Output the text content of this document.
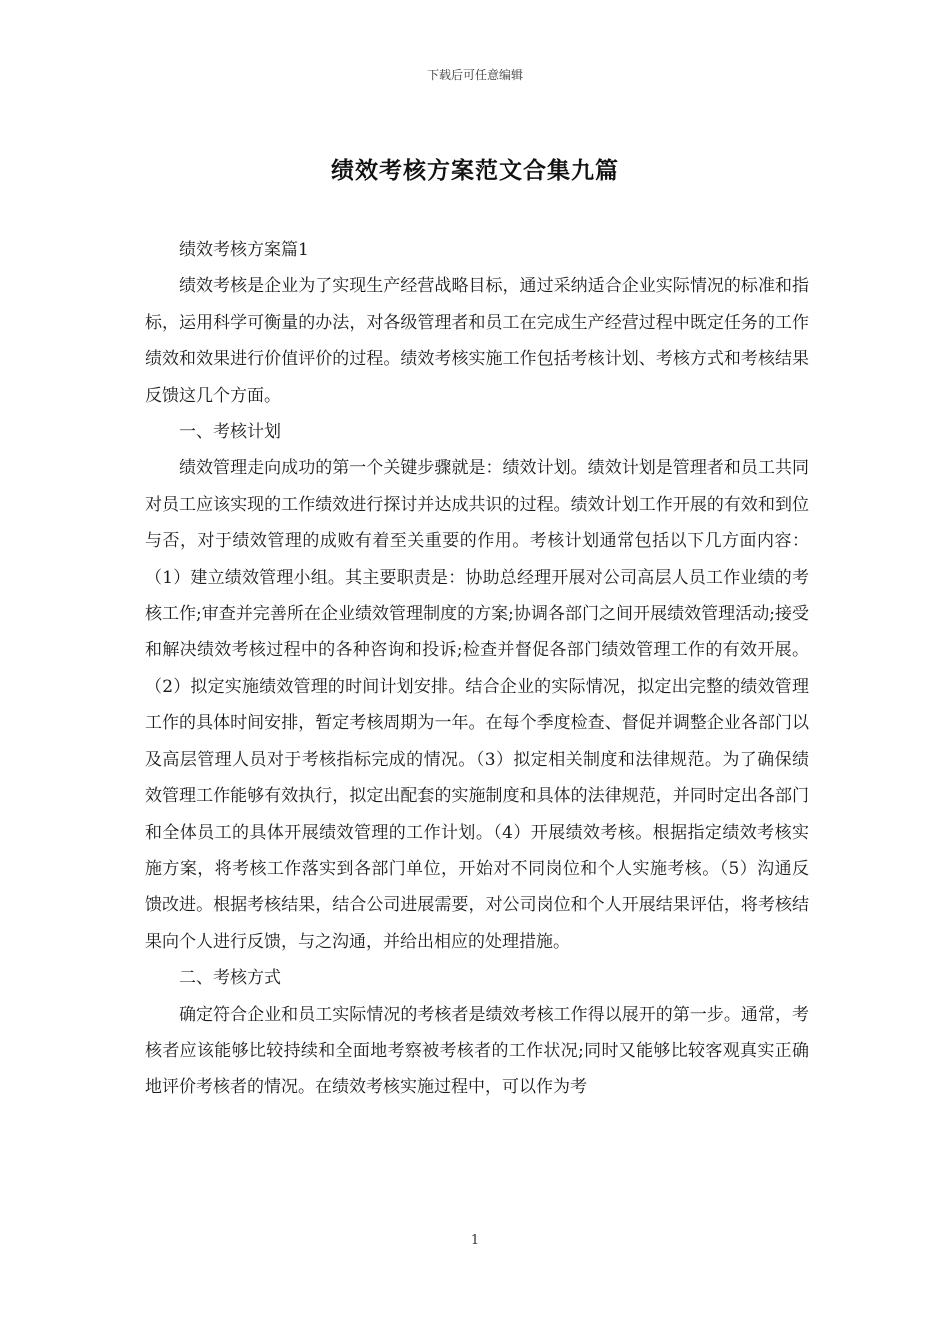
下载后可任意编辑
绩效考核方案范文合集九篇

绩效考核方案篇1

绩效考核是企业为了实现生产经营战略目标，通过采纳适合企业实际情况的标准和指标，运用科学可衡量的办法，对各级管理者和员工在完成生产经营过程中既定任务的工作绩效和效果进行价值评价的过程。绩效考核实施工作包括考核计划、考核方式和考核结果反馈这几个方面。

一、考核计划

绩效管理走向成功的第一个关键步骤就是：绩效计划。绩效计划是管理者和员工共同对员工应该实现的工作绩效进行探讨并达成共识的过程。绩效计划工作开展的有效和到位与否，对于绩效管理的成败有着至关重要的作用。考核计划通常包括以下几方面内容：（1）建立绩效管理小组。其主要职责是：协助总经理开展对公司高层人员工作业绩的考核工作;审查并完善所在企业绩效管理制度的方案;协调各部门之间开展绩效管理活动;接受和解决绩效考核过程中的各种咨询和投诉;检查并督促各部门绩效管理工作的有效开展。（2）拟定实施绩效管理的时间计划安排。结合企业的实际情况，拟定出完整的绩效管理工作的具体时间安排，暂定考核周期为一年。在每个季度检查、督促并调整企业各部门以及高层管理人员对于考核指标完成的情况。（3）拟定相关制度和法律规范。为了确保绩效管理工作能够有效执行，拟定出配套的实施制度和具体的法律规范，并同时定出各部门和全体员工的具体开展绩效管理的工作计划。（4）开展绩效考核。根据指定绩效考核实施方案，将考核工作落实到各部门单位，开始对不同岗位和个人实施考核。（5）沟通反馈改进。根据考核结果，结合公司进展需要，对公司岗位和个人开展结果评估，将考核结果向个人进行反馈，与之沟通，并给出相应的处理措施。

二、考核方式

确定符合企业和员工实际情况的考核者是绩效考核工作得以展开的第一步。通常，考核者应该能够比较持续和全面地考察被考核者的工作状况;同时又能够比较客观真实正确地评价考核者的情况。在绩效考核实施过程中，可以作为考

1
